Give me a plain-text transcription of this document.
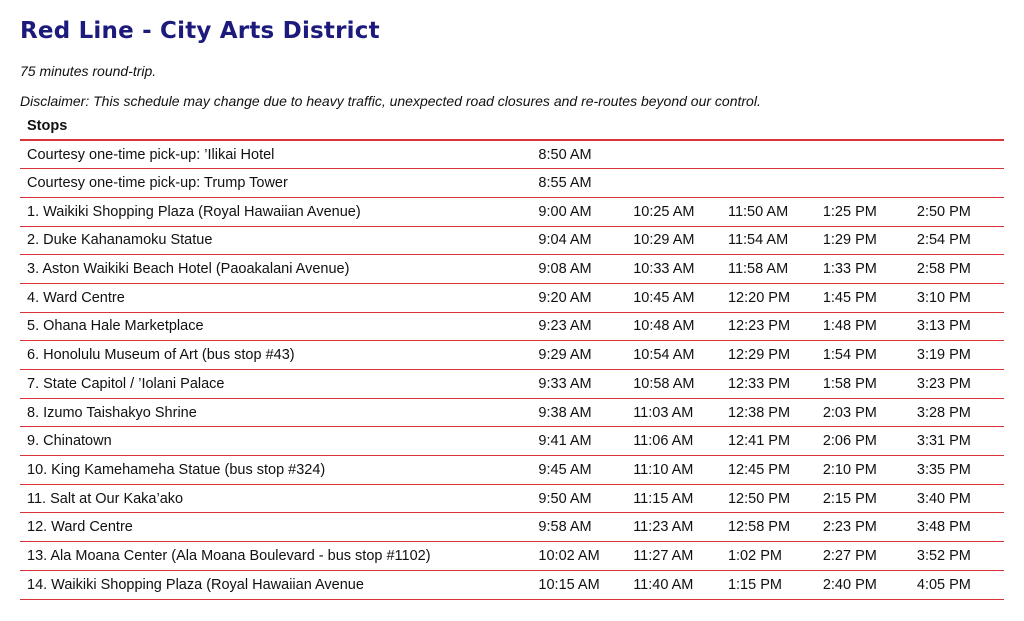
Red Line - City Arts District

75 minutes round-trip.

Disclaimer: This schedule may change due to heavy traffic, unexpected road closures and re-routes beyond our control.

Stops					
Courtesy one-time pick-up: ’Ilikai Hotel	8:50 AM				
Courtesy one-time pick-up: Trump Tower	8:55 AM				
1. Waikiki Shopping Plaza (Royal Hawaiian Avenue)	9:00 AM	10:25 AM	11:50 AM	1:25 PM	2:50 PM
2. Duke Kahanamoku Statue	9:04 AM	10:29 AM	11:54 AM	1:29 PM	2:54 PM
3. Aston Waikiki Beach Hotel (Paoakalani Avenue)	9:08 AM	10:33 AM	11:58 AM	1:33 PM	2:58 PM
4. Ward Centre	9:20 AM	10:45 AM	12:20 PM	1:45 PM	3:10 PM
5. Ohana Hale Marketplace	9:23 AM	10:48 AM	12:23 PM	1:48 PM	3:13 PM
6. Honolulu Museum of Art (bus stop #43)	9:29 AM	10:54 AM	12:29 PM	1:54 PM	3:19 PM
7. State Capitol / ’Iolani Palace	9:33 AM	10:58 AM	12:33 PM	1:58 PM	3:23 PM
8. Izumo Taishakyo Shrine	9:38 AM	11:03 AM	12:38 PM	2:03 PM	3:28 PM
9. Chinatown	9:41 AM	11:06 AM	12:41 PM	2:06 PM	3:31 PM
10. King Kamehameha Statue (bus stop #324)	9:45 AM	11:10 AM	12:45 PM	2:10 PM	3:35 PM
11. Salt at Our Kaka’ako	9:50 AM	11:15 AM	12:50 PM	2:15 PM	3:40 PM
12. Ward Centre	9:58 AM	11:23 AM	12:58 PM	2:23 PM	3:48 PM
13. Ala Moana Center (Ala Moana Boulevard - bus stop #1102)	10:02 AM	11:27 AM	1:02 PM	2:27 PM	3:52 PM
14. Waikiki Shopping Plaza (Royal Hawaiian Avenue	10:15 AM	11:40 AM	1:15 PM	2:40 PM	4:05 PM
